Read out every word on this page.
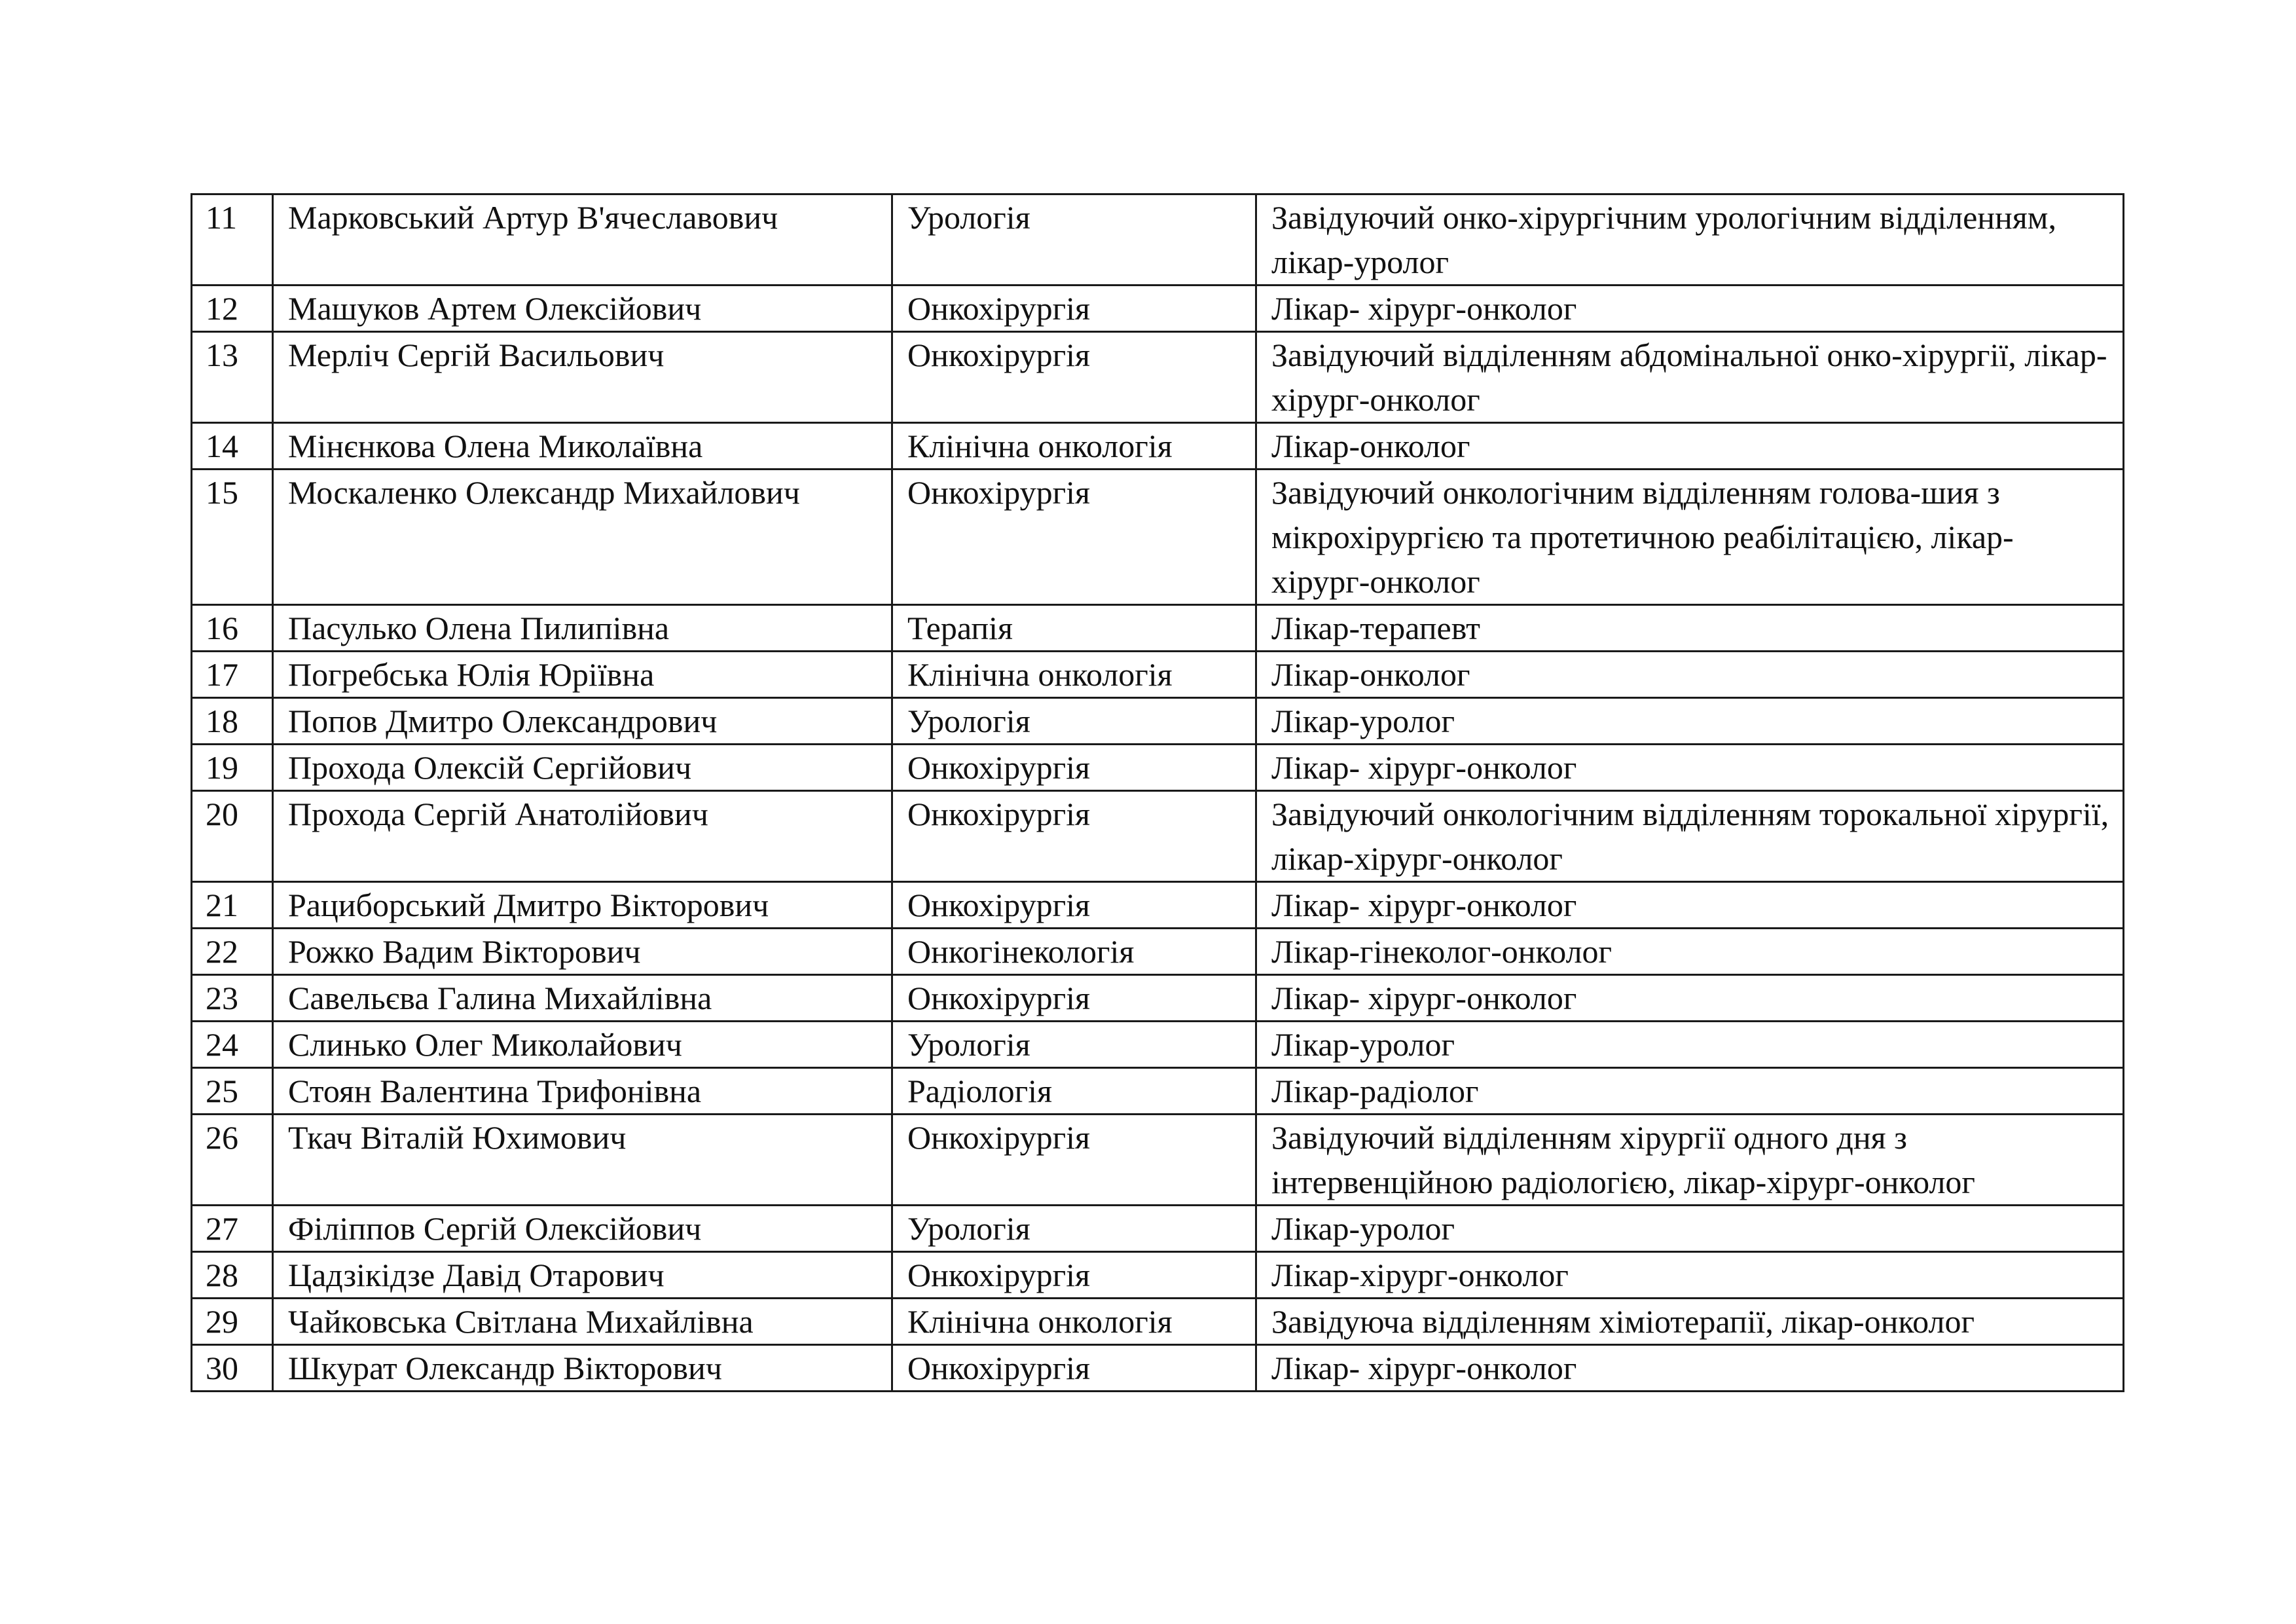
11	Марковський Артур В'ячеславович	Урологія	Завідуючий онко-хірургічним урологічним відділенням, лікар-уролог
12	Машуков Артем Олексійович	Онкохірургія	Лікар- хірург-онколог
13	Мерліч Сергій Васильович	Онкохірургія	Завідуючий відділенням абдомінальної онко-хірургії, лікар-хірург-онколог
14	Мінєнкова Олена Миколаївна	Клінічна онкологія	Лікар-онколог
15	Москаленко Олександр Михайлович	Онкохірургія	Завідуючий онкологічним відділенням голова-шия з мікрохірургією та протетичною реабілітацією, лікар- хірург-онколог
16	Пасулько Олена Пилипівна	Терапія	Лікар-терапевт
17	Погребська Юлія Юріївна	Клінічна онкологія	Лікар-онколог
18	Попов Дмитро Олександрович	Урологія	Лікар-уролог
19	Прохода Олексій Сергійович	Онкохірургія	Лікар- хірург-онколог
20	Прохода Сергій Анатолійович	Онкохірургія	Завідуючий онкологічним відділенням торокальної хірургії, лікар-хірург-онколог
21	Рациборський Дмитро Вікторович	Онкохірургія	Лікар- хірург-онколог
22	Рожко Вадим Вікторович	Онкогінекологія	Лікар-гінеколог-онколог
23	Савельєва Галина Михайлівна	Онкохірургія	Лікар- хірург-онколог
24	Слинько Олег Миколайович	Урологія	Лікар-уролог
25	Стоян Валентина Трифонівна	Радіологія	Лікар-радіолог
26	Ткач Віталій Юхимович	Онкохірургія	Завідуючий відділенням хірургії одного дня з інтервенційною радіологією, лікар-хірург-онколог
27	Філіппов Сергій Олексійович	Урологія	Лікар-уролог
28	Цадзікідзе Давід Отарович	Онкохірургія	Лікар-хірург-онколог
29	Чайковська Світлана Михайлівна	Клінічна онкологія	Завідуюча відділенням хіміотерапії, лікар-онколог
30	Шкурат Олександр Вікторович	Онкохірургія	Лікар- хірург-онколог
